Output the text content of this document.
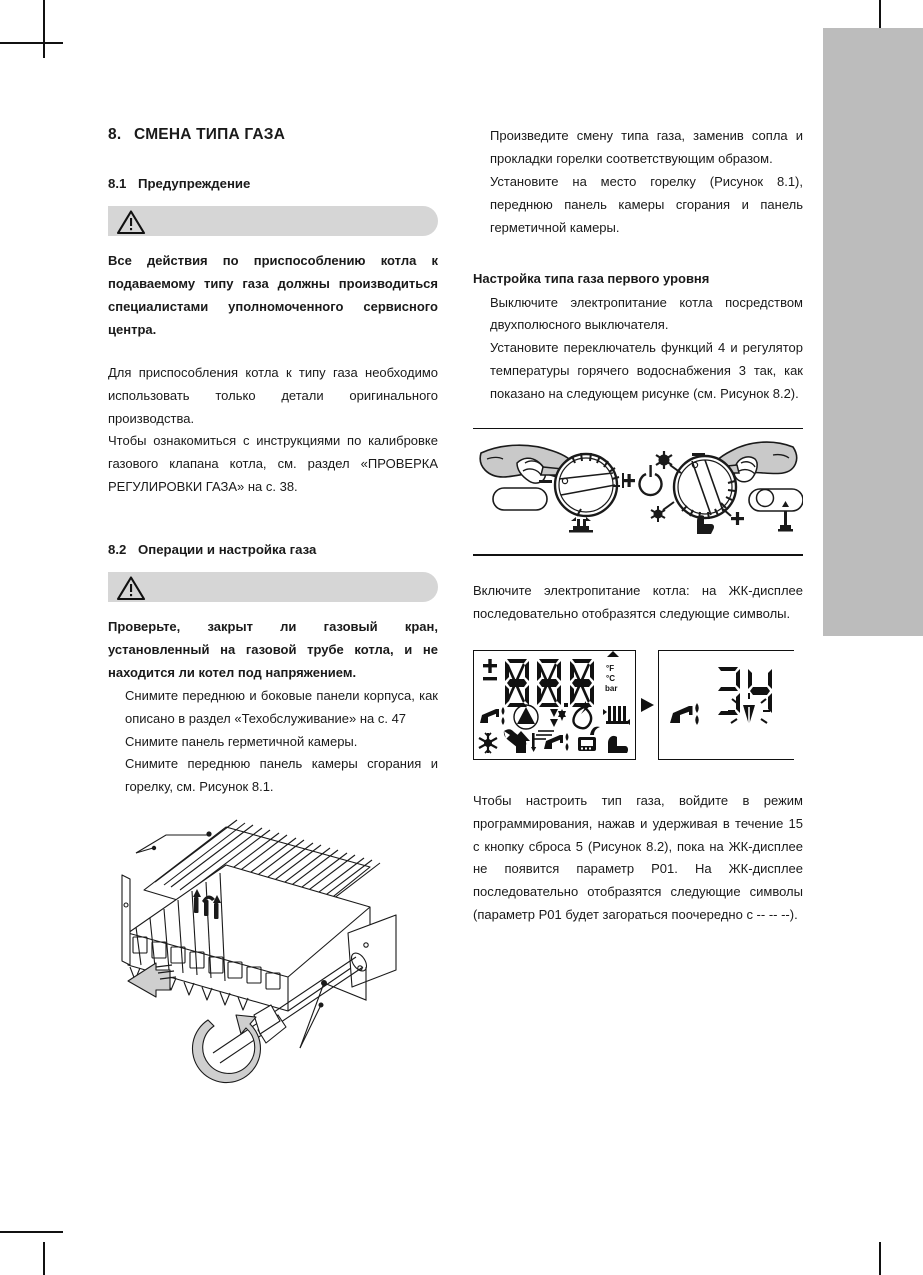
8. СМЕНА ТИПА ГАЗА
8.1 Предупреждение

Все действия по приспособлению котла к подаваемому типу газа должны производиться специалистами уполномоченного сервисного центра.

Для приспособления котла к типу газа необходимо использовать только детали оригинального производства.

Чтобы ознакомиться с инструкциями по калибровке газового клапана котла, см. раздел «ПРОВЕРКА РЕГУЛИРОВКИ ГАЗА» на с. 38.

8.2 Операции и настройка газа

Проверьте, закрыт ли газовый кран, установленный на газовой трубе котла, и не находится ли котел под напряжением.

Снимите переднюю и боковые панели корпуса, как описано в раздел «Техобслуживание» на с. 47

Снимите панель герметичной камеры.

Снимите переднюю панель камеры сгорания и горелку, см. Рисунок 8.1.

Произведите смену типа газа, заменив сопла и прокладки горелки соответствующим образом.

Установите на место горелку (Рисунок 8.1), переднюю панель камеры сгорания и панель герметичной камеры.

Настройка типа газа первого уровня

Выключите электропитание котла посредством двухполюсного выключателя.

Установите переключатель функций 4 и регулятор температуры горячего водоснабжения 3 так, как показано на следующем рисунке (см. Рисунок 8.2).

Включите электропитание котла: на ЖК-дисплее последовательно отобразятся следующие символы.

°F
°C
bar

Чтобы настроить тип газа, войдите в режим программирования, нажав и удерживая в течение 15 с кнопку сброса 5 (Рисунок 8.2), пока на ЖК-дисплее не появится параметр P01. На ЖК-дисплее последовательно отобразятся следующие символы (параметр P01 будет загораться поочередно с -- -- --).
